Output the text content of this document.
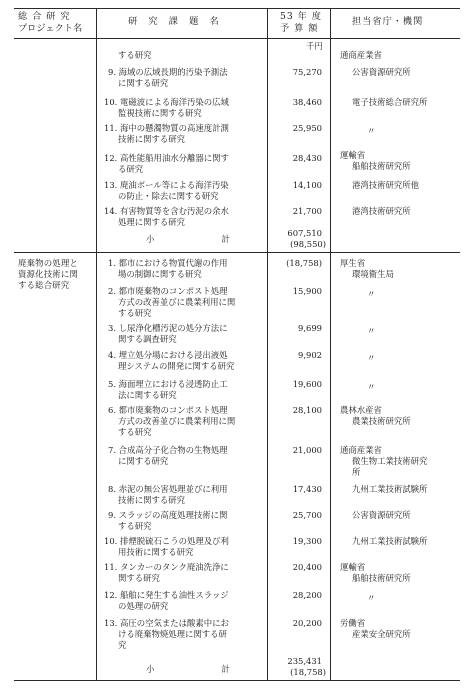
総 合 研 究
プロジェクト名
研　究　課　題　名	53 年 度
予 算 額
担当省庁・機関
千円
する研究	通商産業省
9. 海域の広域長期的汚染予測法
に関する研究
75,270	公害資源研究所
10. 電磁波による海洋汚染の広域
監視技術に関する研究
38,460	電子技術総合研究所
11. 海中の懸濁物質の高速度計測
技術に関する研究
25,950	〃
12. 高性能船用油水分離器に関す
る研究
28,430 運輸省
船舶技術研究所
13. 廃油ボール等による海洋汚染
の防止・除去に関する研究
14,100	港湾技術研究所他
14. 有害物質等を含む汚泥の余水
処理に関する研究
21,700	港湾技術研究所
小　　　　　　　　計
607,510
(98,550)
廃棄物の処理と
資源化技術に関
する総合研究
1. 都市における物質代謝の作用
場の制御に関する研究
(18,758) 厚生省
環境衛生局
2. 都市廃棄物のコンポスト処理
方式の改善並びに農業利用に関
する研究
15,900	〃
3. し尿浄化槽汚泥の処分方法に
関する調査研究
9,699	〃
4. 埋立処分場における浸出液処
理システムの開発に関する研究
9,902	〃
5. 海面埋立における浸透防止工
法に関する研究
19,600	〃
6. 都市廃棄物のコンポスト処理
方式の改善並びに農業利用に関
する研究
28,100 農林水産省
農業技術研究所
7. 合成高分子化合物の生物処理
に関する研究
21,000 通商産業省
微生物工業技術研究
所
8. 赤泥の無公害処理並びに利用
技術に関する研究
17,430	九州工業技術試験所
9. スラッジの高度処理技術に関
する研究
25,700	公害資源研究所
10. 排煙脱硫石こうの処理及び利
用技術に関する研究
19,300	九州工業技術試験所
11. タンカーのタンク廃油洗浄に
関する研究
20,400 運輸省
船舶技術研究所
12. 船舶に発生する油性スラッジ
の処理の研究
28,200	〃
13. 高圧の空気または酸素中にお
ける廃棄物焼処理に関する研
究
20,200 労働省
産業安全研究所
小　　　　　　　　計
235,431
(18,758)
